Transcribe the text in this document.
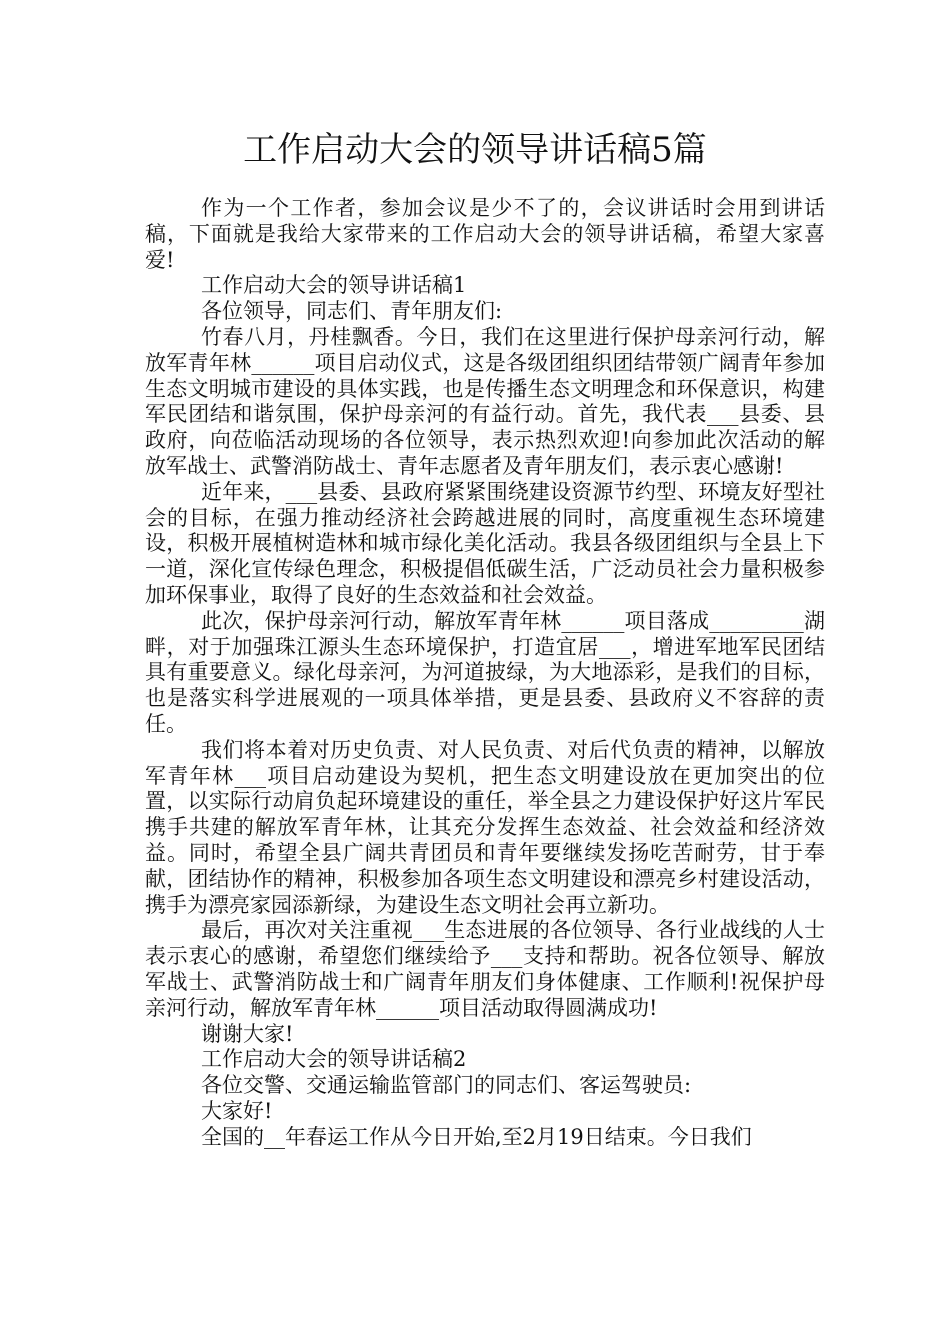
工作启动大会的领导讲话稿5篇

作为一个工作者，参加会议是少不了的，会议讲话时会用到讲话稿，下面就是我给大家带来的工作启动大会的领导讲话稿，希望大家喜爱!

工作启动大会的领导讲话稿1

各位领导，同志们、青年朋友们:

竹春八月，丹桂飘香。今日，我们在这里进行保护母亲河行动，解放军青年林______项目启动仪式，这是各级团组织团结带领广阔青年参加生态文明城市建设的具体实践，也是传播生态文明理念和环保意识，构建军民团结和谐氛围，保护母亲河的有益行动。首先，我代表___县委、县政府，向莅临活动现场的各位领导，表示热烈欢迎!向参加此次活动的解放军战士、武警消防战士、青年志愿者及青年朋友们，表示衷心感谢!

近年来，___县委、县政府紧紧围绕建设资源节约型、环境友好型社会的目标，在强力推动经济社会跨越进展的同时，高度重视生态环境建设，积极开展植树造林和城市绿化美化活动。我县各级团组织与全县上下一道，深化宣传绿色理念，积极提倡低碳生活，广泛动员社会力量积极参加环保事业，取得了良好的生态效益和社会效益。

此次，保护母亲河行动，解放军青年林______项目落成_________湖畔，对于加强珠江源头生态环境保护，打造宜居___，增进军地军民团结具有重要意义。绿化母亲河，为河道披绿，为大地添彩，是我们的目标，也是落实科学进展观的一项具体举措，更是县委、县政府义不容辞的责任。

我们将本着对历史负责、对人民负责、对后代负责的精神，以解放军青年林___项目启动建设为契机，把生态文明建设放在更加突出的位置，以实际行动肩负起环境建设的重任，举全县之力建设保护好这片军民携手共建的解放军青年林，让其充分发挥生态效益、社会效益和经济效益。同时，希望全县广阔共青团员和青年要继续发扬吃苦耐劳，甘于奉献，团结协作的精神，积极参加各项生态文明建设和漂亮乡村建设活动，携手为漂亮家园添新绿，为建设生态文明社会再立新功。

最后，再次对关注重视___生态进展的各位领导、各行业战线的人士表示衷心的感谢，希望您们继续给予___支持和帮助。祝各位领导、解放军战士、武警消防战士和广阔青年朋友们身体健康、工作顺利!祝保护母亲河行动，解放军青年林______项目活动取得圆满成功!

谢谢大家!

工作启动大会的领导讲话稿2

各位交警、交通运输监管部门的同志们、客运驾驶员:

大家好!

全国的__年春运工作从今日开始,至2月19日结束。今日我们
